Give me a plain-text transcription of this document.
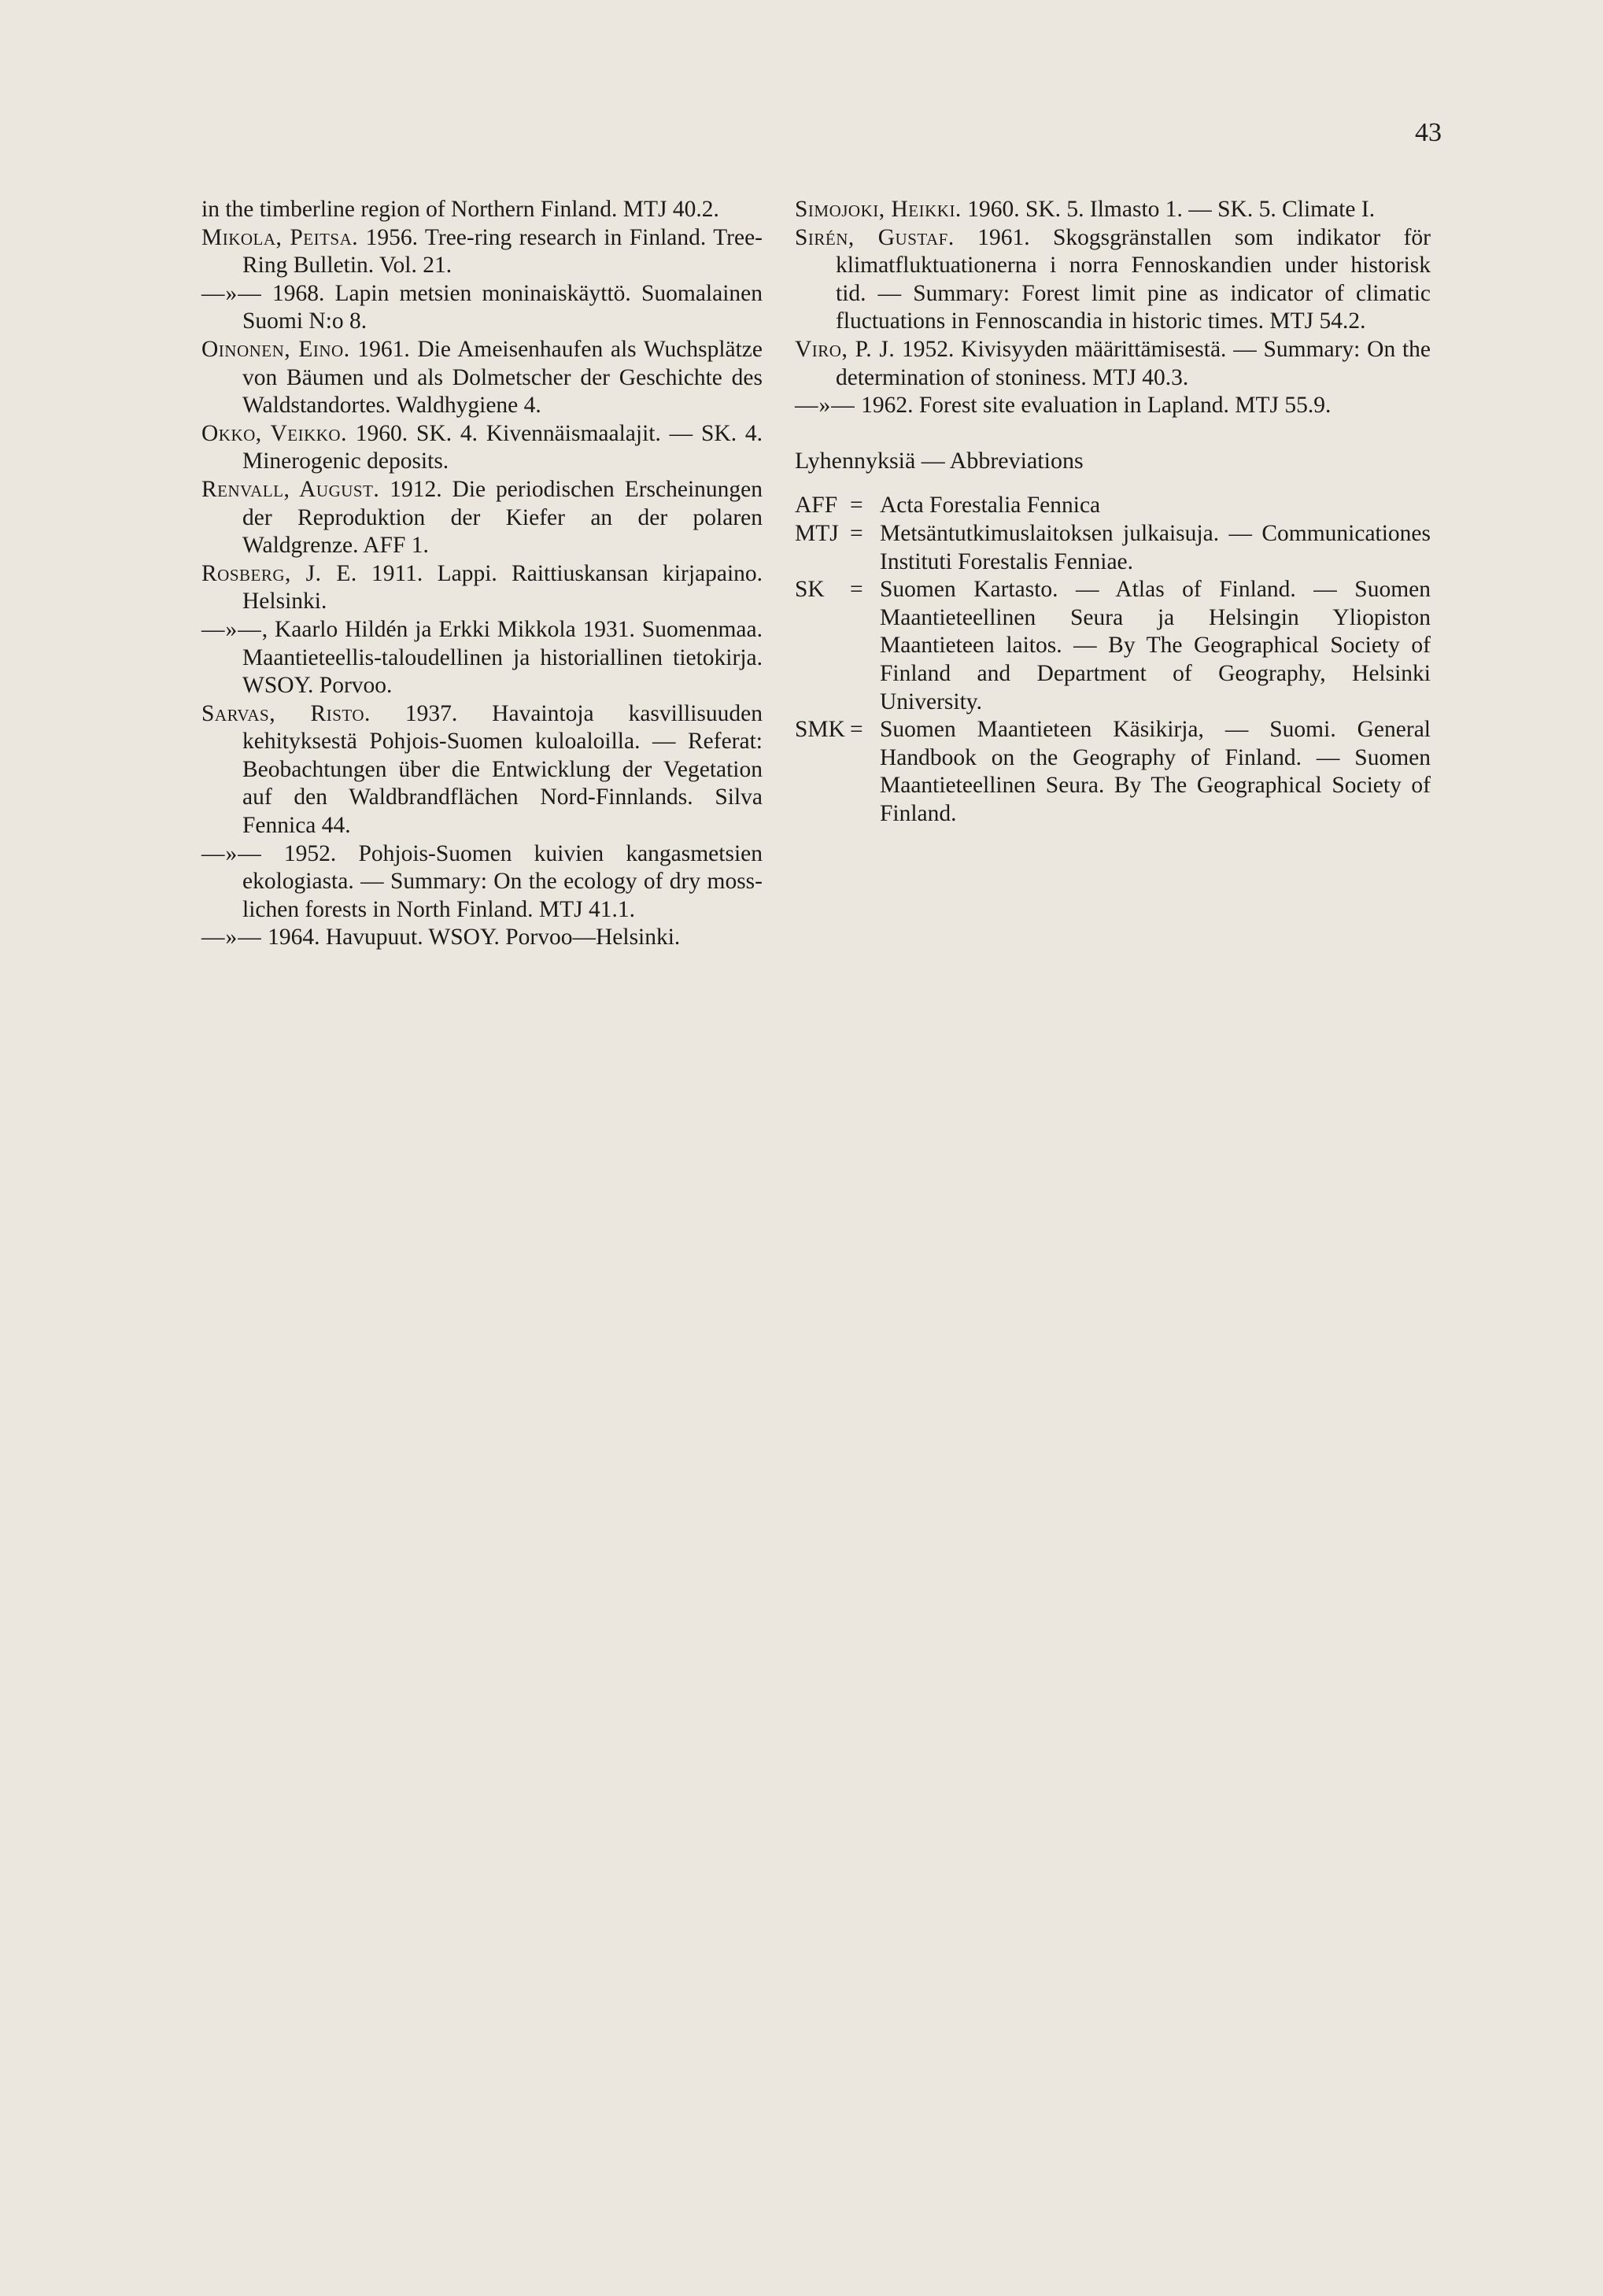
43

in the timberline region of Northern Finland. MTJ 40.2.

Mikola, Peitsa. 1956. Tree-ring research in Finland. Tree-Ring Bulletin. Vol. 21.

—»— 1968. Lapin metsien moninaiskäyttö. Suomalainen Suomi N:o 8.

Oinonen, Eino. 1961. Die Ameisenhaufen als Wuchsplätze von Bäumen und als Dolmetscher der Geschichte des Waldstandortes. Waldhygiene 4.

Okko, Veikko. 1960. SK. 4. Kivennäismaalajit. — SK. 4. Minerogenic deposits.

Renvall, August. 1912. Die periodischen Erscheinungen der Reproduktion der Kiefer an der polaren Waldgrenze. AFF 1.

Rosberg, J. E. 1911. Lappi. Raittiuskansan kirjapaino. Helsinki.

—»—, Kaarlo Hildén ja Erkki Mikkola 1931. Suomenmaa. Maantieteellis-taloudellinen ja historiallinen tietokirja. WSOY. Porvoo.

Sarvas, Risto. 1937. Havaintoja kasvillisuuden kehityksestä Pohjois-Suomen kuloaloilla. — Referat: Beobachtungen über die Entwicklung der Vegetation auf den Waldbrandflächen Nord-Finnlands. Silva Fennica 44.

—»— 1952. Pohjois-Suomen kuivien kangasmetsien ekologiasta. — Summary: On the ecology of dry moss-lichen forests in North Finland. MTJ 41.1.

—»— 1964. Havupuut. WSOY. Porvoo—Helsinki.

Simojoki, Heikki. 1960. SK. 5. Ilmasto 1. — SK. 5. Climate I.

Sirén, Gustaf. 1961. Skogsgränstallen som indikator för klimatfluktuationerna i norra Fennoskandien under historisk tid. — Summary: Forest limit pine as indicator of climatic fluctuations in Fennoscandia in historic times. MTJ 54.2.

Viro, P. J. 1952. Kivisyyden määrittämisestä. — Summary: On the determination of stoniness. MTJ 40.3.

—»— 1962. Forest site evaluation in Lapland. MTJ 55.9.

Lyhennyksiä — Abbreviations
AFF = Acta Forestalia Fennica
MTJ = Metsäntutkimuslaitoksen julkaisuja. — Communicationes Instituti Forestalis Fenniae.
SK	= Suomen Kartasto. — Atlas of Finland. — Suomen Maantieteellinen Seura ja Helsingin Yliopiston Maantieteen laitos. — By The Geographical Society of Finland and Department of Geography, Helsinki University.
SMK = Suomen Maantieteen Käsikirja, — Suomi. General Handbook on the Geography of Finland. — Suomen Maantieteellinen Seura. By The Geographical Society of Finland.
